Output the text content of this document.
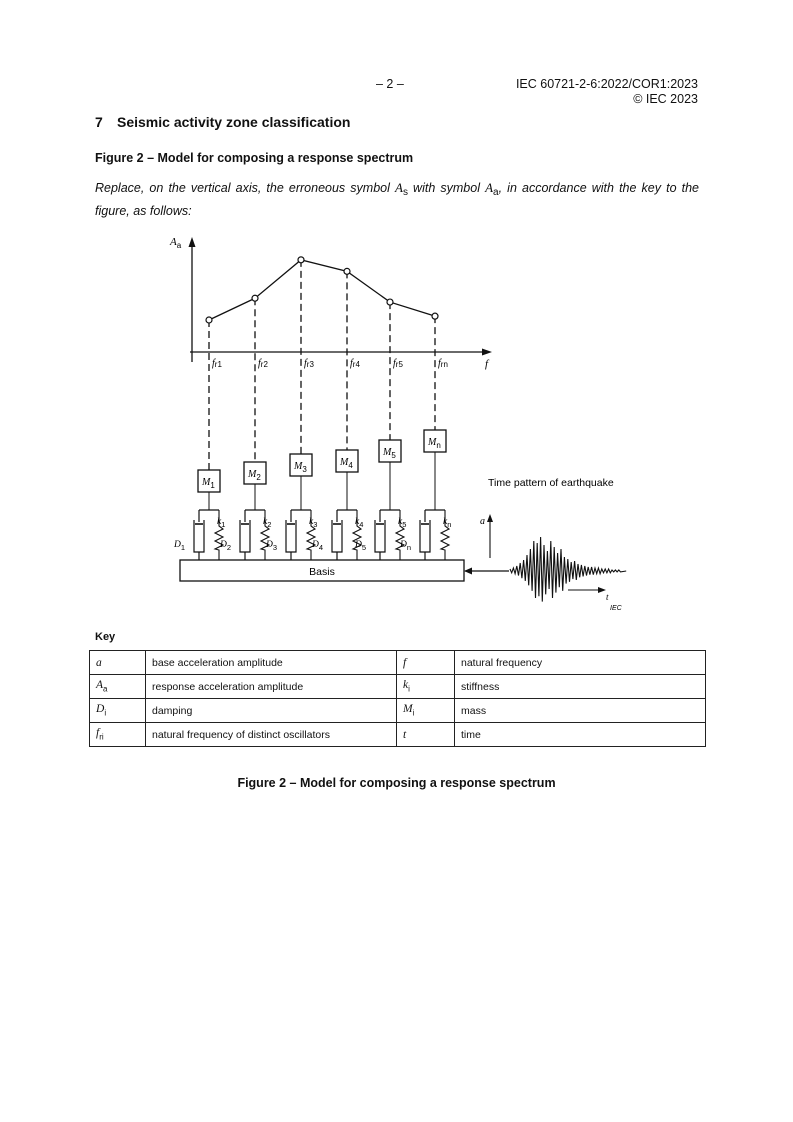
– 2 –	IEC 60721-2-6:2022/COR1:2023
© IEC 2023
7 Seismic activity zone classification
Figure 2 – Model for composing a response spectrum
Replace, on the vertical axis, the erroneous symbol $A_s$ with symbol $A_a$, in accordance with the key to the figure, as follows:
$A_a$
f
fr1
$M_1$
$k_1$
$D_1$
fr2
$M_2$
$k_2$
$D_2$
fr3
$M_3$
$k_3$
$D_3$
fr4
$M_4$
$k_4$
$D_4$
fr5
$M_5$
$k_5$
$D_5$
frn
$M_n$
$k_n$
$D_n$
Basis
Time pattern of earthquake
a
t
IEC
Key
a	base acceleration amplitude	f	natural frequency
$A_a$	response acceleration amplitude	$k_i$	stiffness
$D_i$	damping	$M_i$	mass
$f_{ri}$	natural frequency of distinct oscillators	t	time
Figure 2 – Model for composing a response spectrum
